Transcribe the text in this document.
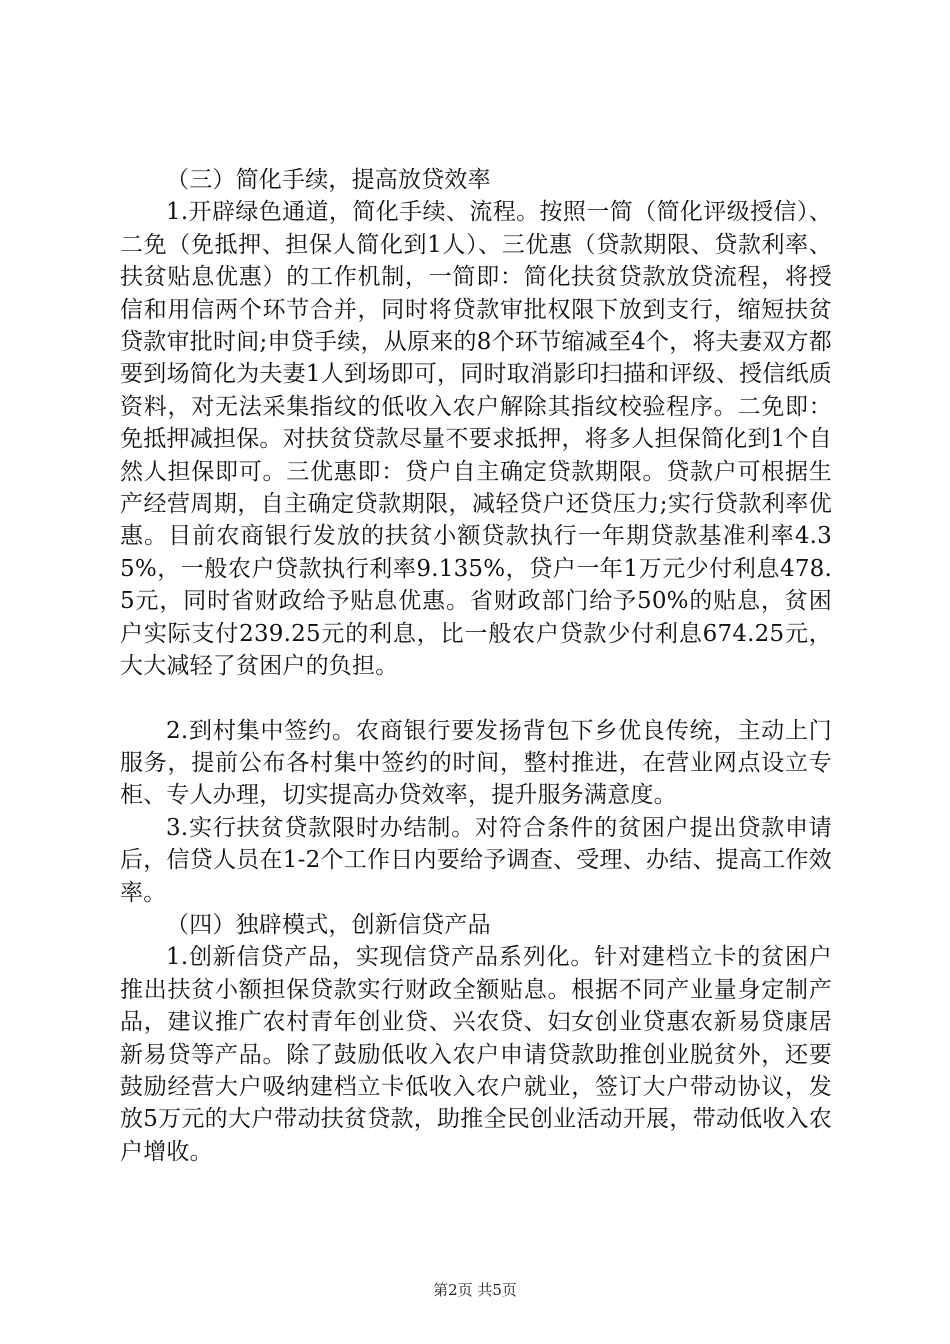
（三）简化手续，提高放贷效率

1.开辟绿色通道，简化手续、流程。按照一简（简化评级授信）、二免（免抵押、担保人简化到1人）、三优惠（贷款期限、贷款利率、扶贫贴息优惠）的工作机制，一简即：简化扶贫贷款放贷流程，将授信和用信两个环节合并，同时将贷款审批权限下放到支行，缩短扶贫贷款审批时间;申贷手续，从原来的8个环节缩减至4个，将夫妻双方都要到场简化为夫妻1人到场即可，同时取消影印扫描和评级、授信纸质资料，对无法采集指纹的低收入农户解除其指纹校验程序。二免即：免抵押减担保。对扶贫贷款尽量不要求抵押，将多人担保简化到1个自然人担保即可。三优惠即：贷户自主确定贷款期限。贷款户可根据生产经营周期，自主确定贷款期限，减轻贷户还贷压力;实行贷款利率优惠。目前农商银行发放的扶贫小额贷款执行一年期贷款基准利率4.35%，一般农户贷款执行利率9.135%，贷户一年1万元少付利息478.5元，同时省财政给予贴息优惠。省财政部门给予50%的贴息，贫困户实际支付239.25元的利息，比一般农户贷款少付利息674.25元，大大减轻了贫困户的负担。

2.到村集中签约。农商银行要发扬背包下乡优良传统，主动上门服务，提前公布各村集中签约的时间，整村推进，在营业网点设立专柜、专人办理，切实提高办贷效率，提升服务满意度。

3.实行扶贫贷款限时办结制。对符合条件的贫困户提出贷款申请后，信贷人员在1-2个工作日内要给予调查、受理、办结、提高工作效率。

（四）独辟模式，创新信贷产品

1.创新信贷产品，实现信贷产品系列化。针对建档立卡的贫困户推出扶贫小额担保贷款实行财政全额贴息。根据不同产业量身定制产品，建议推广农村青年创业贷、兴农贷、妇女创业贷惠农新易贷康居新易贷等产品。除了鼓励低收入农户申请贷款助推创业脱贫外，还要鼓励经营大户吸纳建档立卡低收入农户就业，签订大户带动协议，发放5万元的大户带动扶贫贷款，助推全民创业活动开展，带动低收入农户增收。

第2页 共5页
